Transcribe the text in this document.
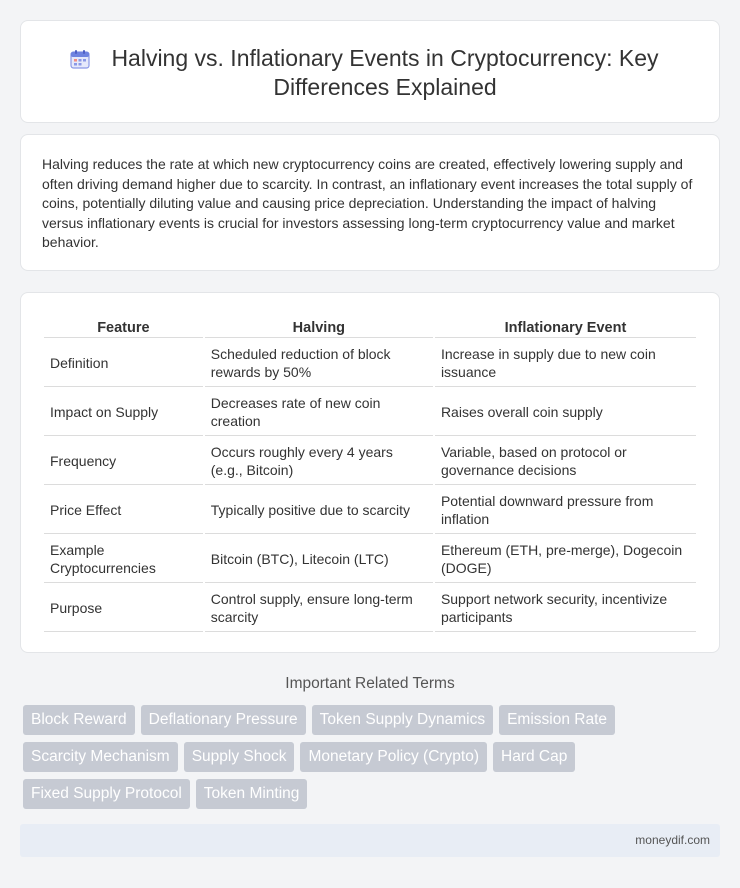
Halving vs. Inflationary Events in Cryptocurrency: Key Differences Explained

Halving reduces the rate at which new cryptocurrency coins are created, effectively lowering supply and often driving demand higher due to scarcity. In contrast, an inflationary event increases the total supply of coins, potentially diluting value and causing price depreciation. Understanding the impact of halving versus inflationary events is crucial for investors assessing long-term cryptocurrency value and market behavior.

Feature	Halving	Inflationary Event
Definition	Scheduled reduction of block rewards by 50%	Increase in supply due to new coin issuance
Impact on Supply	Decreases rate of new coin creation	Raises overall coin supply
Frequency	Occurs roughly every 4 years (e.g., Bitcoin)	Variable, based on protocol or governance decisions
Price Effect	Typically positive due to scarcity	Potential downward pressure from inflation
Example Cryptocurrencies	Bitcoin (BTC), Litecoin (LTC)	Ethereum (ETH, pre-merge), Dogecoin (DOGE)
Purpose	Control supply, ensure long-term scarcity	Support network security, incentivize participants
Important Related Terms
Block Reward	Deflationary Pressure	Token Supply Dynamics	Emission Rate
Scarcity Mechanism	Supply Shock	Monetary Policy (Crypto)	Hard Cap
Fixed Supply Protocol	Token Minting
moneydif.com
